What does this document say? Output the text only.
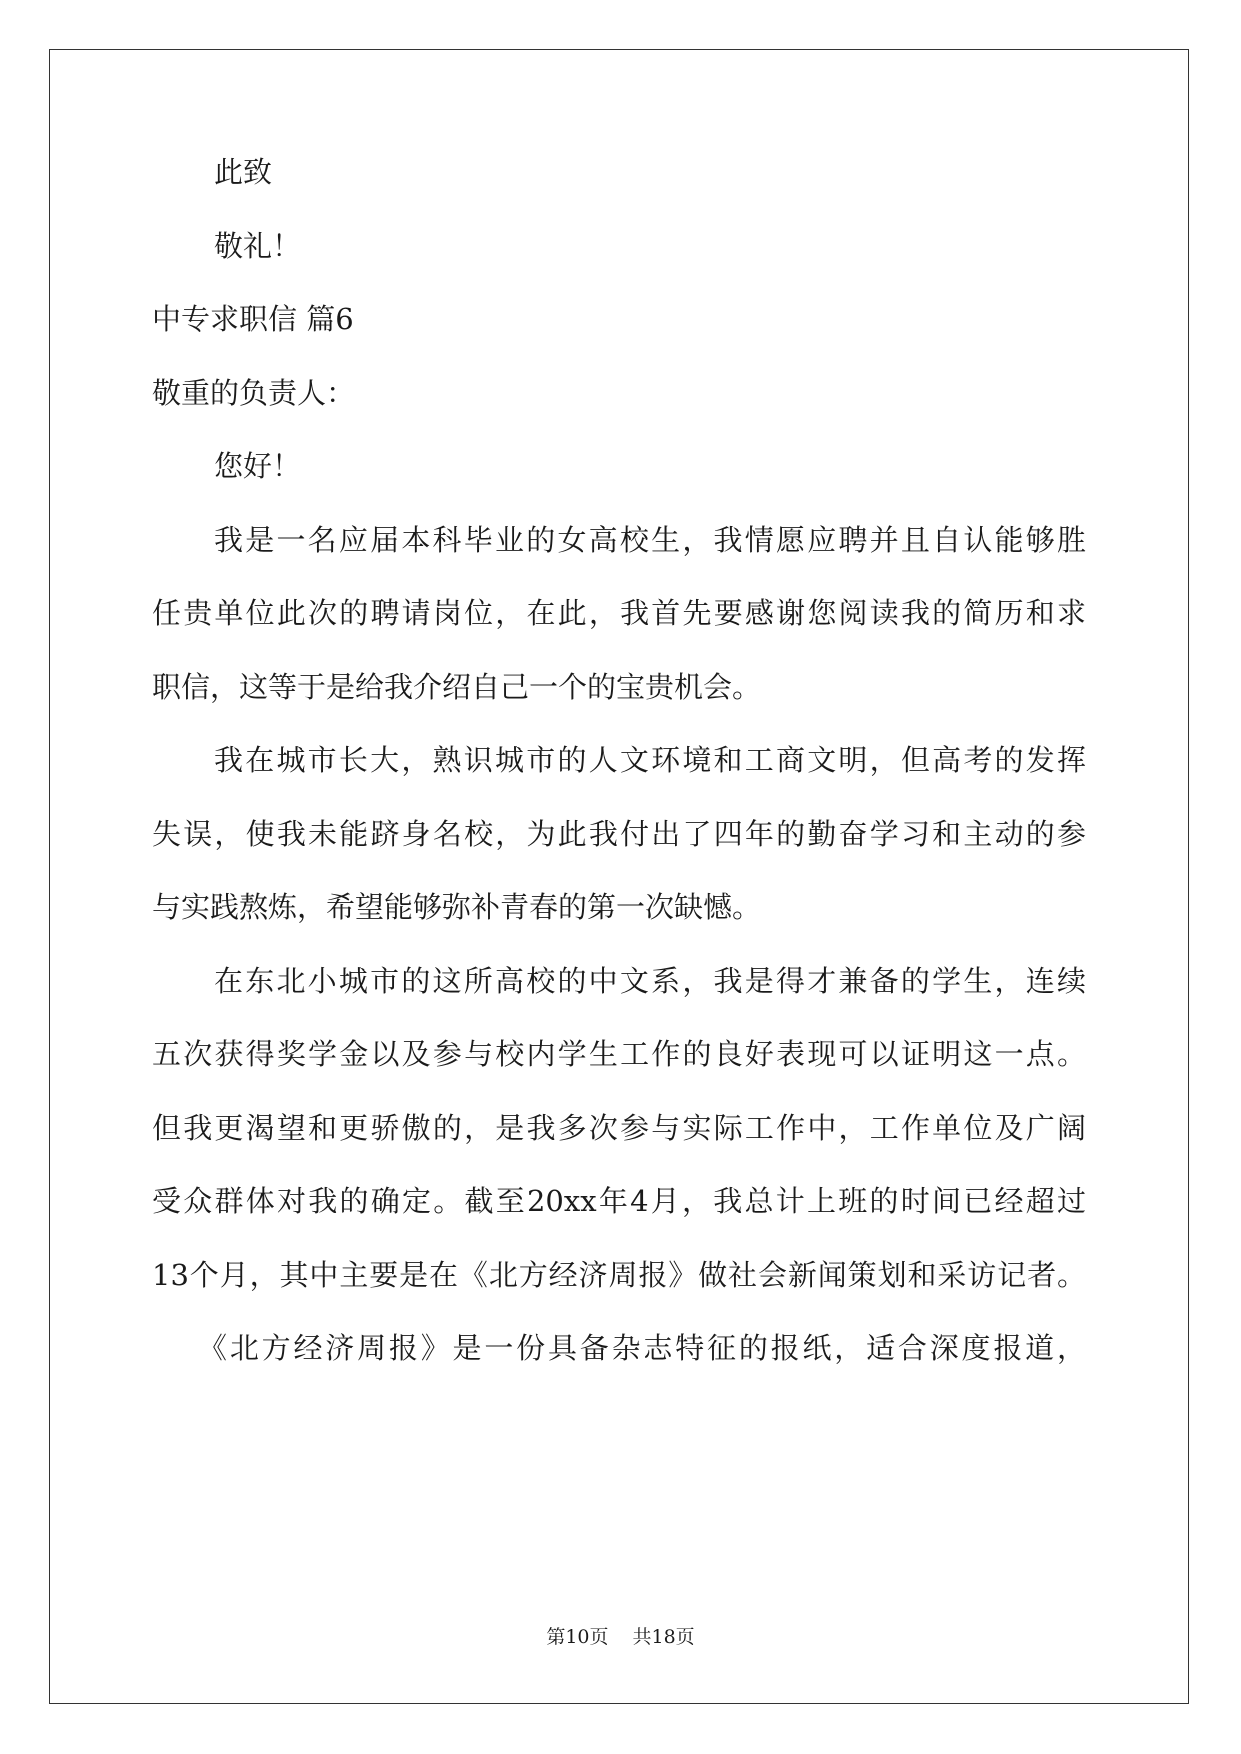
此致

敬礼！

中专求职信 篇6

敬重的负责人：

您好！

我是一名应届本科毕业的女高校生，我情愿应聘并且自认能够胜

任贵单位此次的聘请岗位，在此，我首先要感谢您阅读我的简历和求

职信，这等于是给我介绍自己一个的宝贵机会。

我在城市长大，熟识城市的人文环境和工商文明，但高考的发挥

失误，使我未能跻身名校，为此我付出了四年的勤奋学习和主动的参

与实践熬炼，希望能够弥补青春的第一次缺憾。

在东北小城市的这所高校的中文系，我是得才兼备的学生，连续

五次获得奖学金以及参与校内学生工作的良好表现可以证明这一点。

但我更渴望和更骄傲的，是我多次参与实际工作中，工作单位及广阔

受众群体对我的确定。截至20xx年4月，我总计上班的时间已经超过

13个月，其中主要是在《北方经济周报》做社会新闻策划和采访记者。

《北方经济周报》是一份具备杂志特征的报纸，适合深度报道，

第10页 共18页
